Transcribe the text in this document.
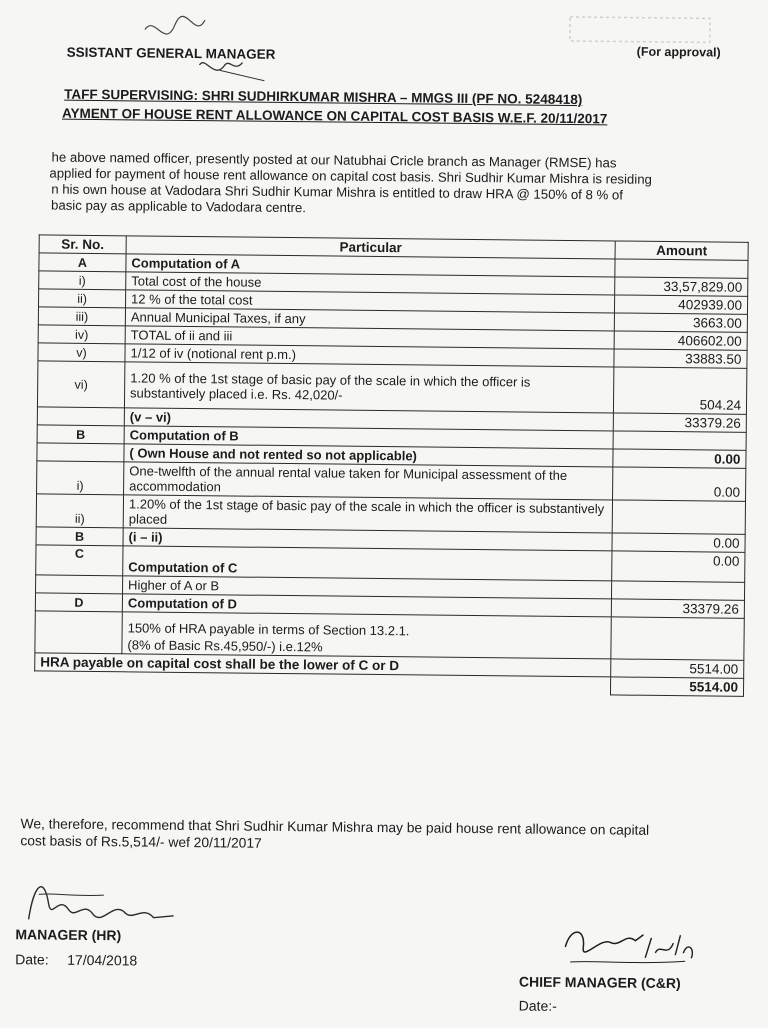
SSISTANT GENERAL MANAGER	(For approval)
TAFF SUPERVISING: SHRI SUDHIRKUMAR MISHRA – MMGS III (PF NO. 5248418)
AYMENT OF HOUSE RENT ALLOWANCE ON CAPITAL COST BASIS W.E.F. 20/11/2017
he above named officer, presently posted at our Natubhai Cricle branch as Manager (RMSE) has
applied for payment of house rent allowance on capital cost basis. Shri Sudhir Kumar Mishra is residing
n his own house at Vadodara Shri Sudhir Kumar Mishra is entitled to draw HRA @ 150% of 8 % of
basic pay as applicable to Vadodara centre.
Sr. No.	Particular	Amount
A	Computation of A	
i)	Total cost of the house	33,57,829.00
ii)	12 % of the total cost	402939.00
iii)	Annual Municipal Taxes, if any	3663.00
iv)	TOTAL of ii and iii	406602.00
v)	1/12 of iv (notional rent p.m.)	33883.50
vi)	1.20 % of the 1st stage of basic pay of the scale in which the officer is substantively placed i.e. Rs. 42,020/-	504.24
	(v – vi)	33379.26
B	Computation of B	
	( Own House and not rented so not applicable)	0.00
i)	One-twelfth of the annual rental value taken for Municipal assessment of the accommodation	0.00
ii)	1.20% of the 1st stage of basic pay of the scale in which the officer is substantively placed	
B	(i – ii)	0.00
C	Computation of C	0.00
	Higher of A or B	
D	Computation of D	33379.26
	150% of HRA payable in terms of Section 13.2.1.	
	(8% of Basic Rs.45,950/-) i.e.12%	
HRA payable on capital cost shall be the lower of C or D		5514.00
		5514.00
We, therefore, recommend that Shri Sudhir Kumar Mishra may be paid house rent allowance on capital
cost basis of Rs.5,514/- wef 20/11/2017
MANAGER (HR)
Date: 17/04/2018
CHIEF MANAGER (C&R)
Date:-
